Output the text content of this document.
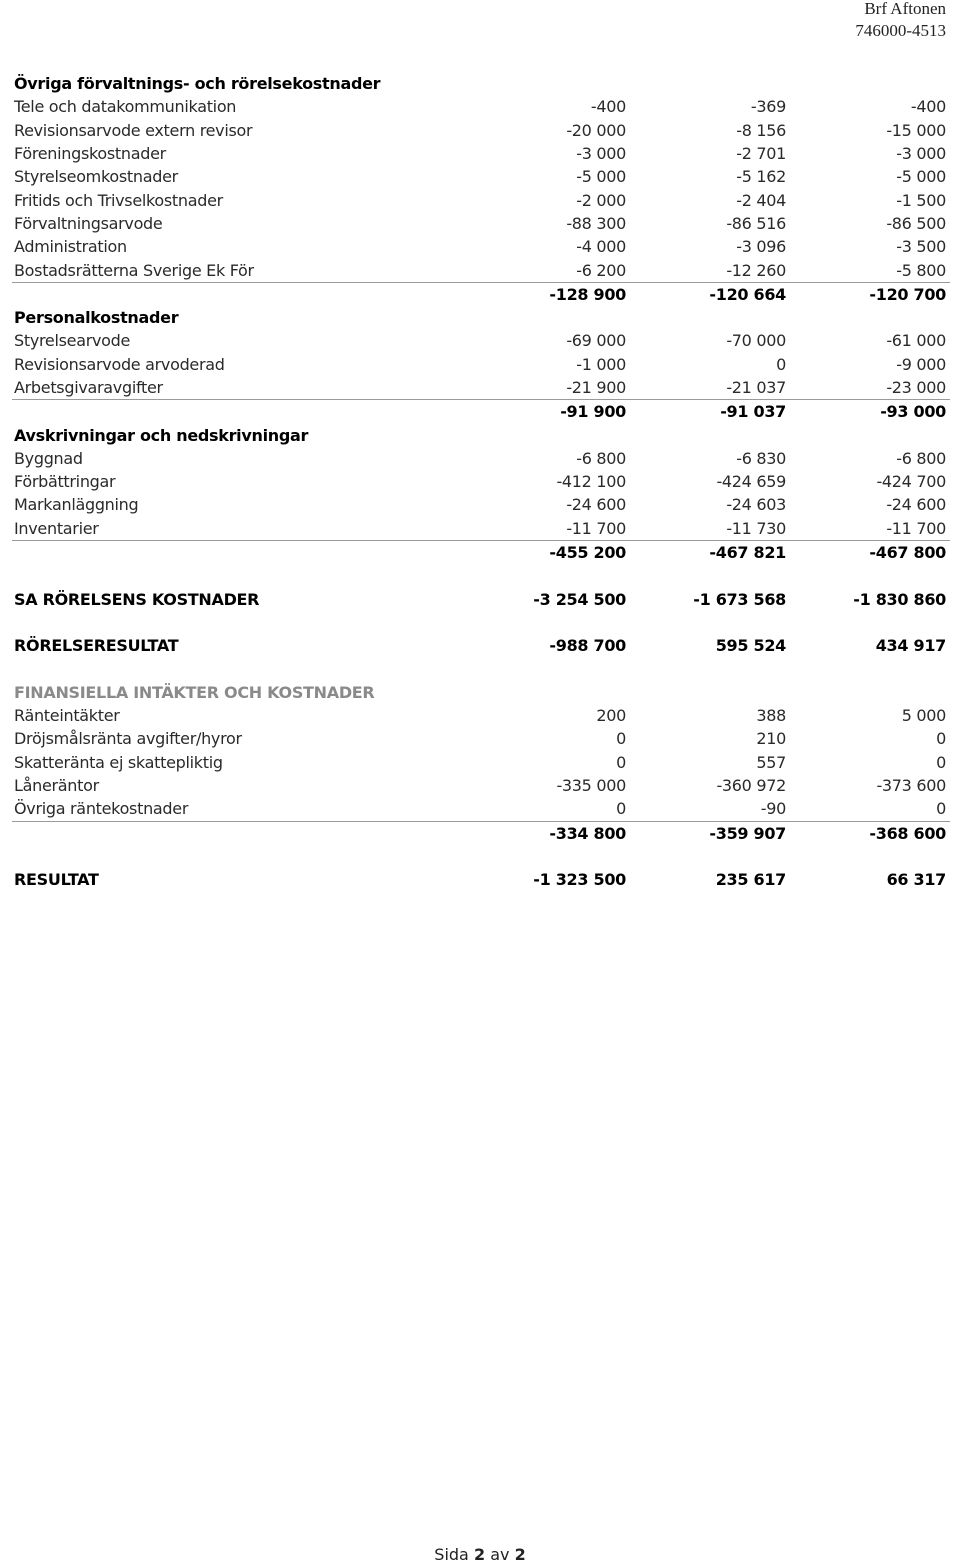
Brf Aftonen
746000-4513
Övriga förvaltnings- och rörelsekostnader
Tele och datakommunikation	-400	-369	-400
Revisionsarvode extern revisor	-20 000	-8 156	-15 000
Föreningskostnader	-3 000	-2 701	-3 000
Styrelseomkostnader	-5 000	-5 162	-5 000
Fritids och Trivselkostnader	-2 000	-2 404	-1 500
Förvaltningsarvode	-88 300	-86 516	-86 500
Administration	-4 000	-3 096	-3 500
Bostadsrätterna Sverige Ek För	-6 200	-12 260	-5 800
-128 900	-120 664	-120 700
Personalkostnader
Styrelsearvode	-69 000	-70 000	-61 000
Revisionsarvode arvoderad	-1 000	0	-9 000
Arbetsgivaravgifter	-21 900	-21 037	-23 000
-91 900	-91 037	-93 000
Avskrivningar och nedskrivningar
Byggnad	-6 800	-6 830	-6 800
Förbättringar	-412 100	-424 659	-424 700
Markanläggning	-24 600	-24 603	-24 600
Inventarier	-11 700	-11 730	-11 700
-455 200	-467 821	-467 800
SA RÖRELSENS KOSTNADER	-3 254 500	-1 673 568	-1 830 860
RÖRELSERESULTAT	-988 700	595 524	434 917
FINANSIELLA INTÄKTER OCH KOSTNADER
Ränteintäkter	200	388	5 000
Dröjsmålsränta avgifter/hyror	0	210	0
Skatteränta ej skattepliktig	0	557	0
Låneräntor	-335 000	-360 972	-373 600
Övriga räntekostnader	0	-90	0
-334 800	-359 907	-368 600
RESULTAT	-1 323 500	235 617	66 317
Sida 2 av 2
